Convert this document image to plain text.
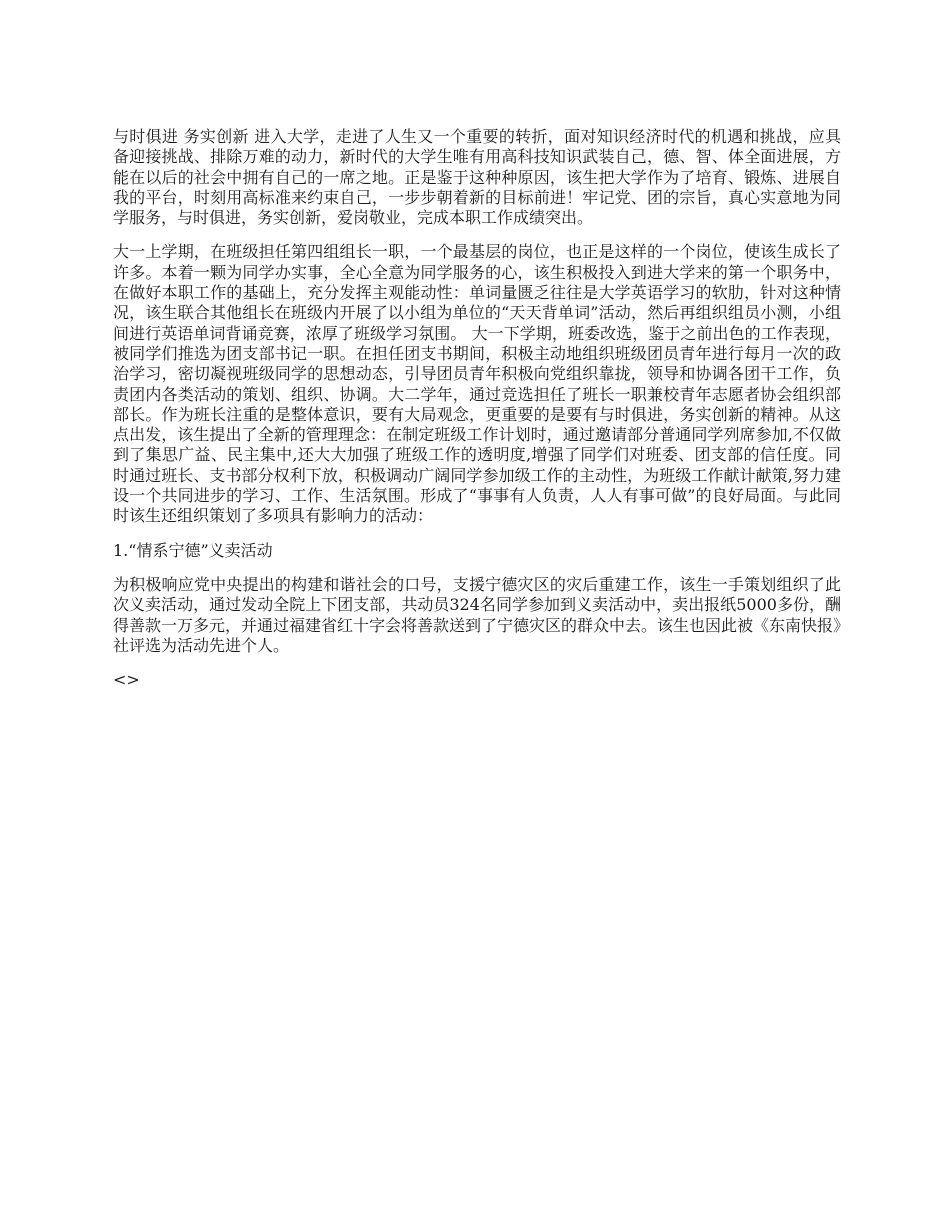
与时俱进 务实创新 进入大学，走进了人生又一个重要的转折，面对知识经济时代的机遇和挑战，应具备迎接挑战、排除万难的动力，新时代的大学生唯有用高科技知识武装自己，德、智、体全面进展，方能在以后的社会中拥有自己的一席之地。正是鉴于这种种原因，该生把大学作为了培育、锻炼、进展自我的平台，时刻用高标准来约束自己，一步步朝着新的目标前进！牢记党、团的宗旨，真心实意地为同学服务，与时俱进，务实创新，爱岗敬业，完成本职工作成绩突出。

大一上学期，在班级担任第四组组长一职，一个最基层的岗位，也正是这样的一个岗位，使该生成长了许多。本着一颗为同学办实事，全心全意为同学服务的心，该生积极投入到进大学来的第一个职务中，在做好本职工作的基础上，充分发挥主观能动性：单词量匮乏往往是大学英语学习的软肋，针对这种情况，该生联合其他组长在班级内开展了以小组为单位的“天天背单词”活动，然后再组织组员小测，小组间进行英语单词背诵竞赛，浓厚了班级学习氛围。 大一下学期，班委改选，鉴于之前出色的工作表现，被同学们推选为团支部书记一职。在担任团支书期间，积极主动地组织班级团员青年进行每月一次的政治学习，密切凝视班级同学的思想动态，引导团员青年积极向党组织靠拢，领导和协调各团干工作，负责团内各类活动的策划、组织、协调。大二学年，通过竞选担任了班长一职兼校青年志愿者协会组织部部长。作为班长注重的是整体意识，要有大局观念，更重要的是要有与时俱进，务实创新的精神。从这点出发，该生提出了全新的管理理念：在制定班级工作计划时，通过邀请部分普通同学列席参加,不仅做到了集思广益、民主集中,还大大加强了班级工作的透明度,增强了同学们对班委、团支部的信任度。同时通过班长、支书部分权利下放，积极调动广阔同学参加级工作的主动性，为班级工作献计献策,努力建设一个共同进步的学习、工作、生活氛围。形成了“事事有人负责，人人有事可做”的良好局面。与此同时该生还组织策划了多项具有影响力的活动：

1.“情系宁德”义卖活动

为积极响应党中央提出的构建和谐社会的口号，支援宁德灾区的灾后重建工作，该生一手策划组织了此次义卖活动，通过发动全院上下团支部，共动员324名同学参加到义卖活动中，卖出报纸5000多份，酬得善款一万多元，并通过福建省红十字会将善款送到了宁德灾区的群众中去。该生也因此被《东南快报》社评选为活动先进个人。

<>
